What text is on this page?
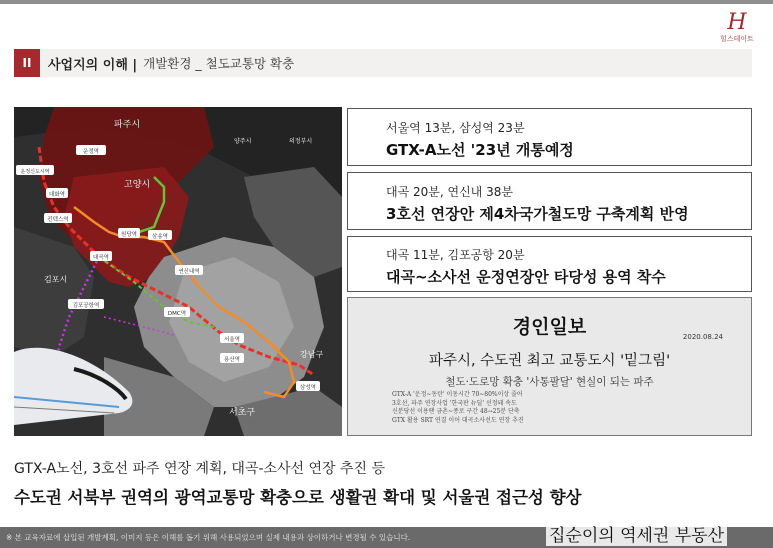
H
힐스테이트
II	사업지의 이해 | 개발환경 _ 철도교통망 확충
파주시
고양시
김포시
양주시	의정부시
서초구
강남구
운정역
운정신도시역
대화역
킨텍스역
원당역	삼송역
대곡역
연신내역
김포공항역
DMC역
서울역
용산역
삼성역
서울역 13분, 삼성역 23분
GTX-A노선 '23년 개통예정
대곡 20분, 연신내 38분
3호선 연장안 제4차국가철도망 구축계획 반영
대곡 11분, 김포공항 20분
대곡~소사선 운정연장안 타당성 용역 착수
경인일보	2020.08.24
파주시, 수도권 최고 교통도시 '밑그림'
철도·도로망 확충 '사통팔달' 현실이 되는 파주
GTX-A '운정~동탄' 이동시간 70~80%이상 줄어
3호선, 파주 연장사업 '한국판 뉴딜' 선정돼 속도
신분당선 이용땐 금촌~종로 구간 48→25분 단축
GTX 활용 SRT 연결 이어 대곡소사선도 연장 추진
GTX-A노선, 3호선 파주 연장 계획, 대곡-소사선 연장 추진 등
수도권 서북부 권역의 광역교통망 확충으로 생활권 확대 및 서울권 접근성 향상
※ 본 교육자료에 삽입된 개발계획, 이미지 등은 이해를 돕기 위해 사용되었으며 실제 내용과 상이하거나 변경될 수 있습니다.	집순이의 역세권 부동산
